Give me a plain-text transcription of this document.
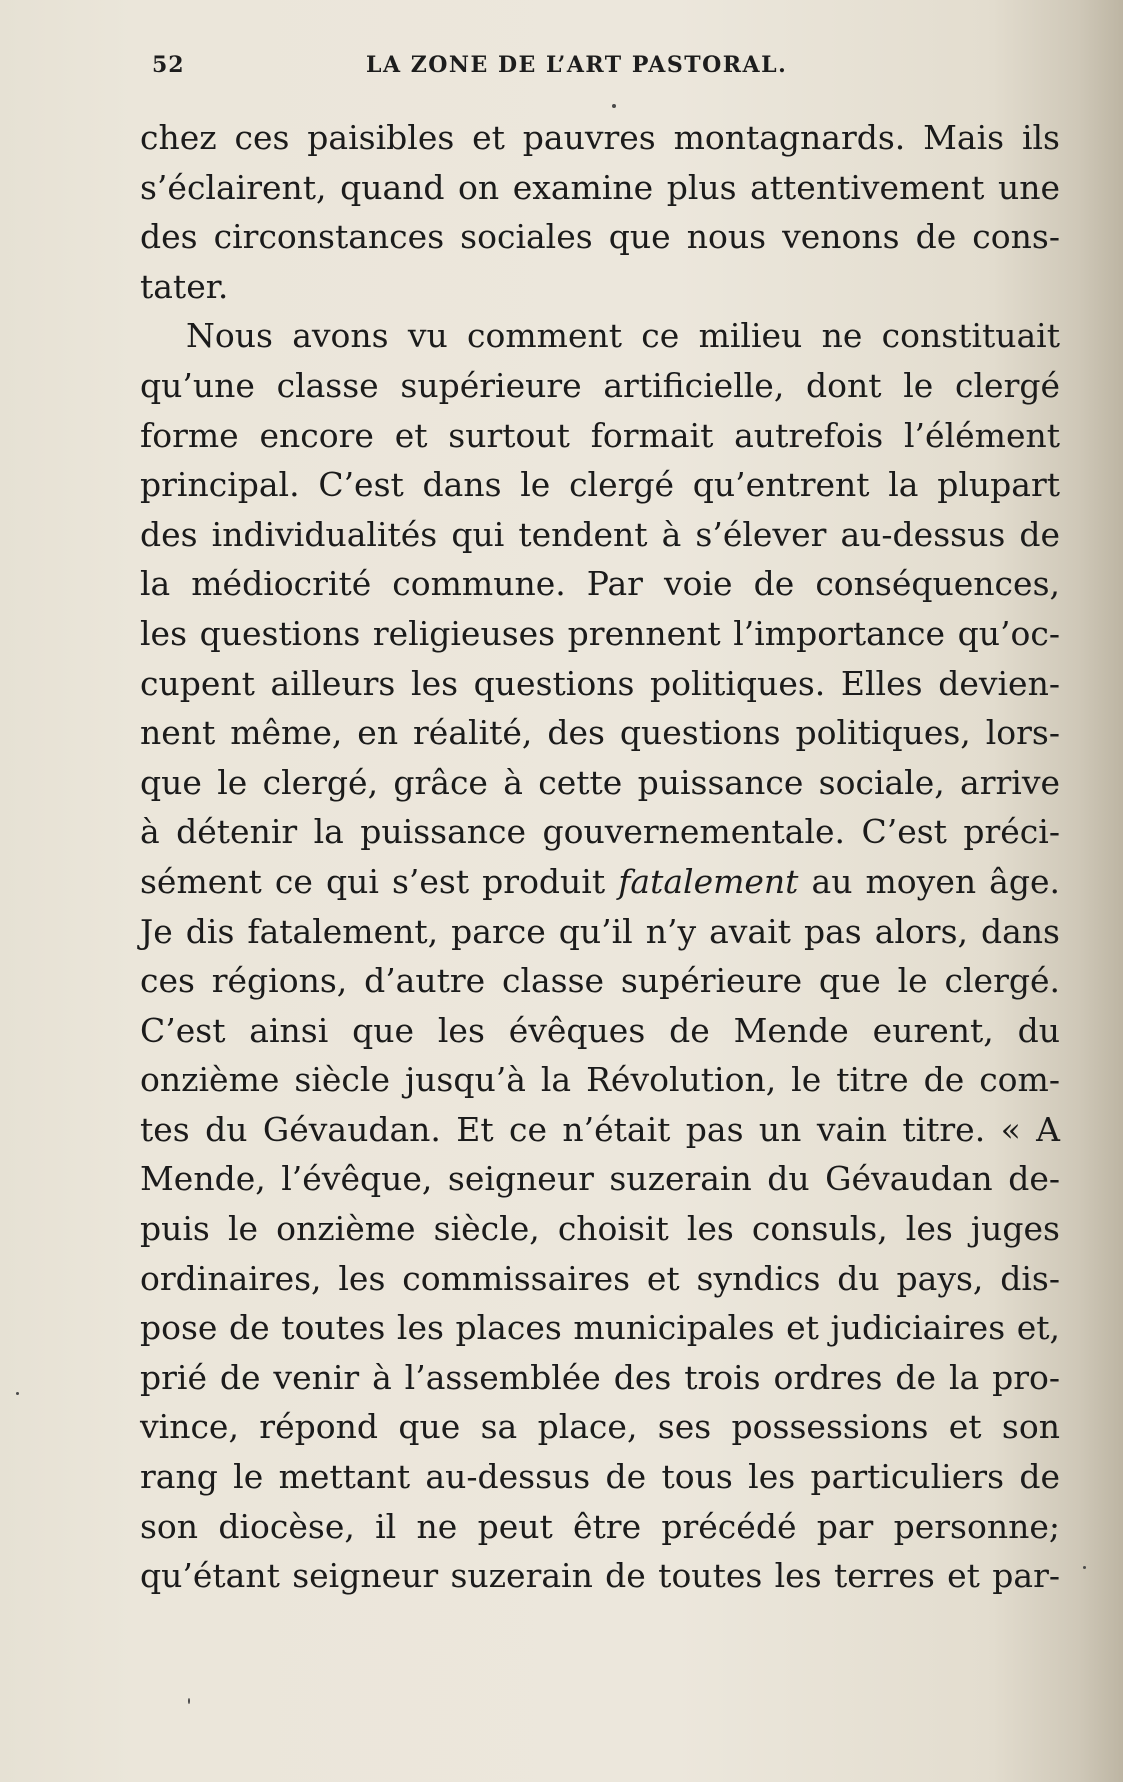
52	LA ZONE DE L’ART PASTORAL.
chez ces paisibles et pauvres montagnards. Mais ils
s’éclairent, quand on examine plus attentivement une
des circonstances sociales que nous venons de cons-
tater.
Nous avons vu comment ce milieu ne constituait
qu’une classe supérieure artificielle, dont le clergé
forme encore et surtout formait autrefois l’élément
principal. C’est dans le clergé qu’entrent la plupart
des individualités qui tendent à s’élever au-dessus de
la médiocrité commune. Par voie de conséquences,
les questions religieuses prennent l’importance qu’oc-
cupent ailleurs les questions politiques. Elles devien-
nent même, en réalité, des questions politiques, lors-
que le clergé, grâce à cette puissance sociale, arrive
à détenir la puissance gouvernementale. C’est préci-
sément ce qui s’est produit fatalement au moyen âge.
Je dis fatalement, parce qu’il n’y avait pas alors, dans
ces régions, d’autre classe supérieure que le clergé.
C’est ainsi que les évêques de Mende eurent, du
onzième siècle jusqu’à la Révolution, le titre de com-
tes du Gévaudan. Et ce n’était pas un vain titre. « A
Mende, l’évêque, seigneur suzerain du Gévaudan de-
puis le onzième siècle, choisit les consuls, les juges
ordinaires, les commissaires et syndics du pays, dis-
pose de toutes les places municipales et judiciaires et,
prié de venir à l’assemblée des trois ordres de la pro-
vince, répond que sa place, ses possessions et son
rang le mettant au-dessus de tous les particuliers de
son diocèse, il ne peut être précédé par personne;
qu’étant seigneur suzerain de toutes les terres et par-
